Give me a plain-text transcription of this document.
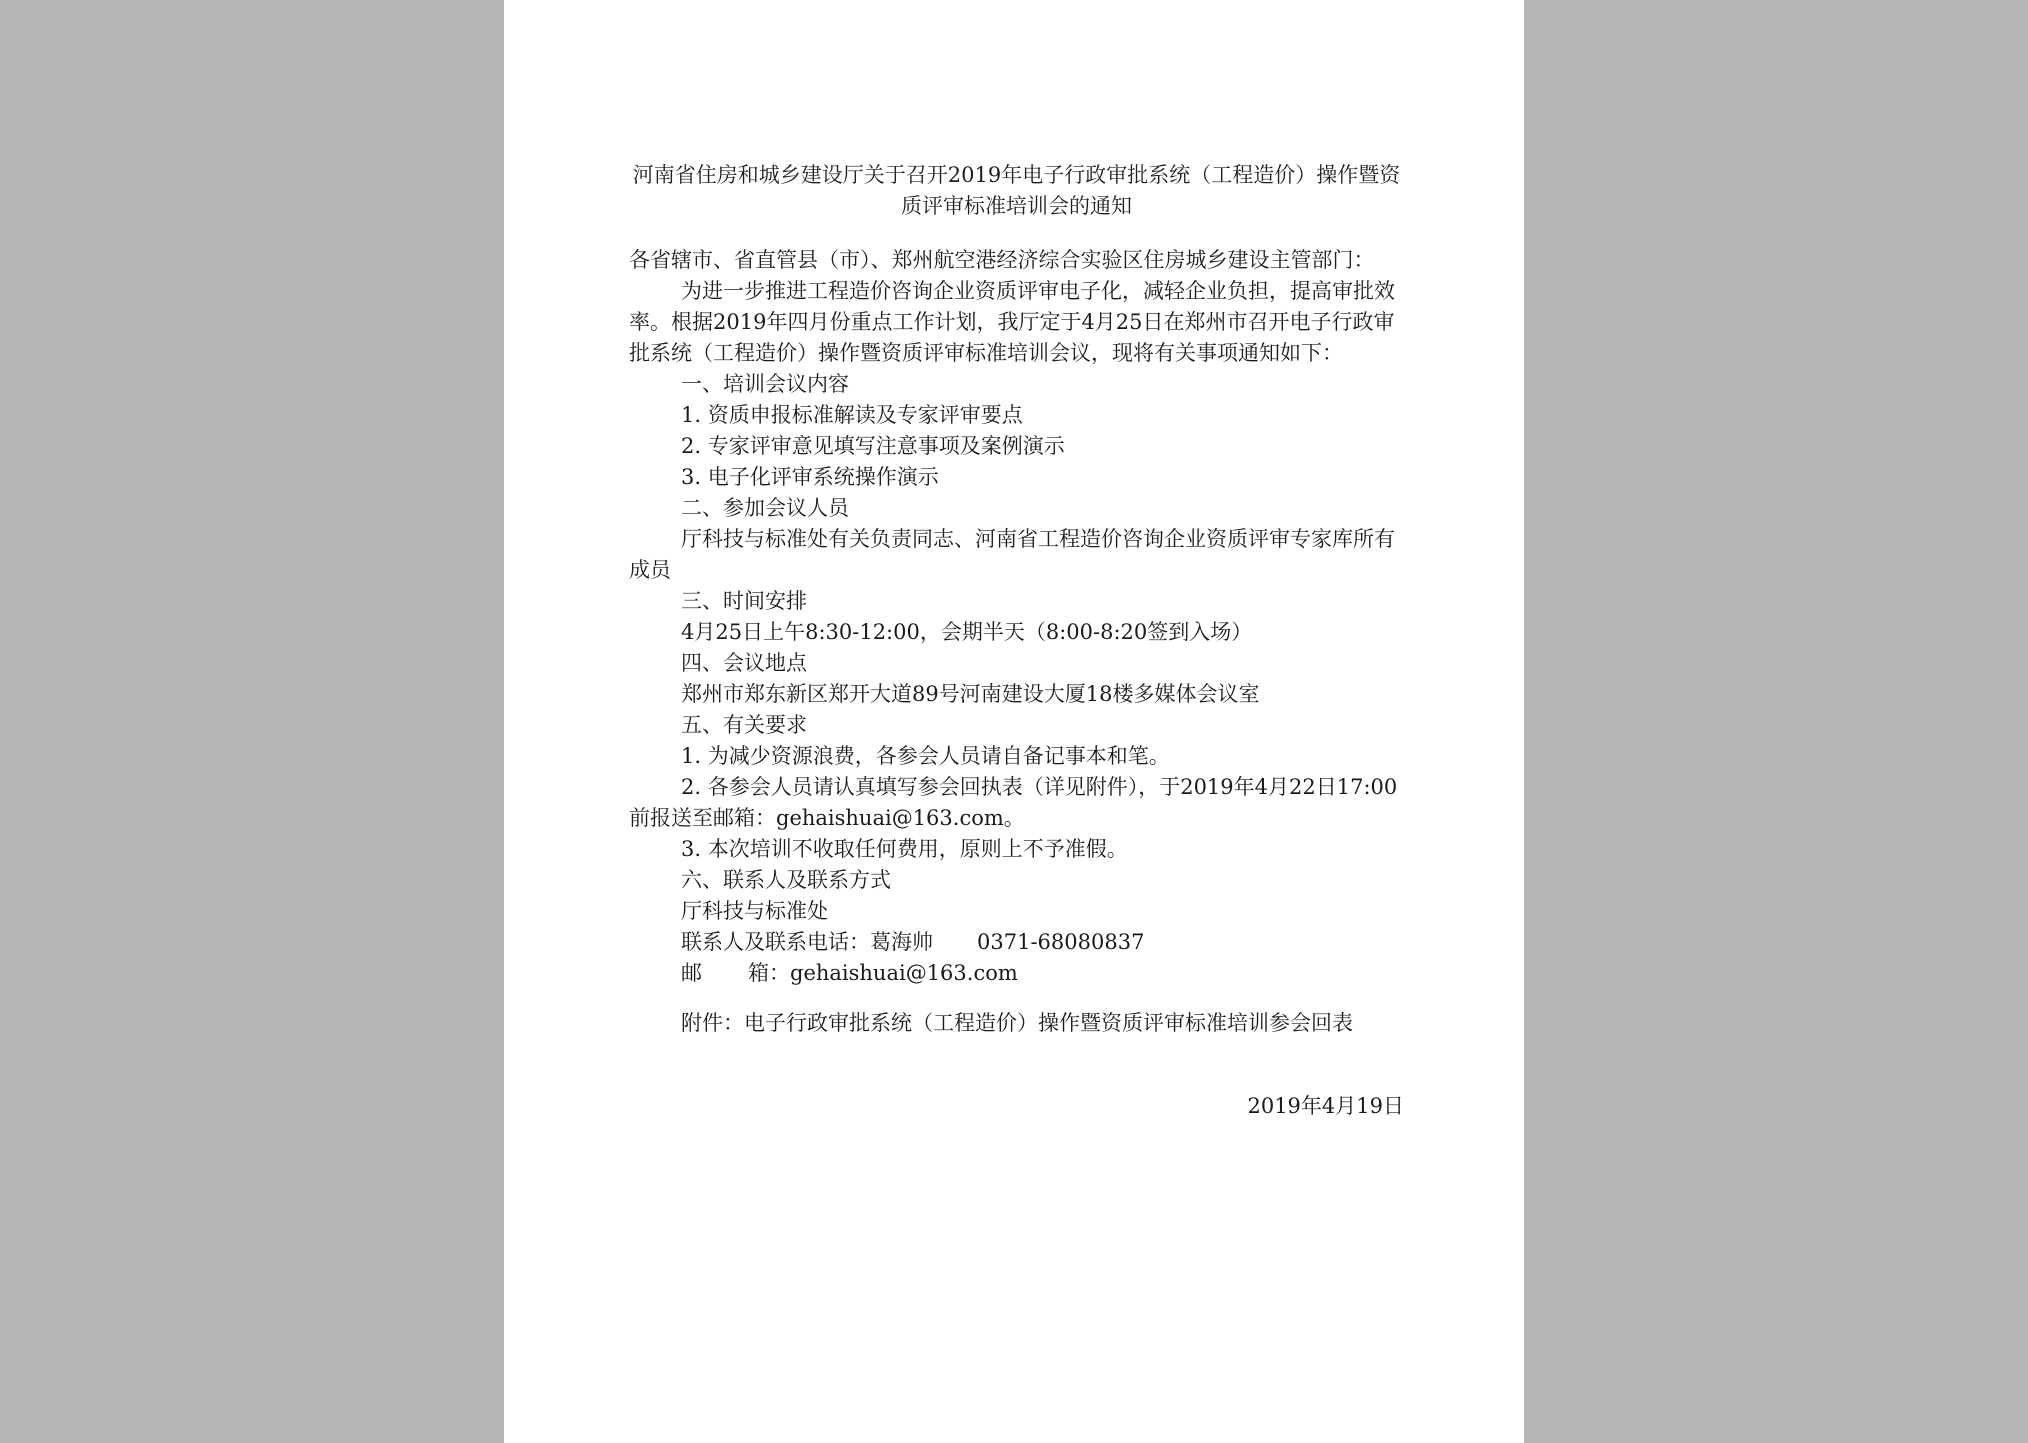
河南省住房和城乡建设厅关于召开2019年电子行政审批系统（工程造价）操作暨资质评审标准培训会的通知

各省辖市、省直管县（市）、郑州航空港经济综合实验区住房城乡建设主管部门：

为进一步推进工程造价咨询企业资质评审电子化，减轻企业负担，提高审批效率。根据2019年四月份重点工作计划，我厅定于4月25日在郑州市召开电子行政审批系统（工程造价）操作暨资质评审标准培训会议，现将有关事项通知如下：

一、培训会议内容

1. 资质申报标准解读及专家评审要点

2. 专家评审意见填写注意事项及案例演示

3. 电子化评审系统操作演示

二、参加会议人员

厅科技与标准处有关负责同志、河南省工程造价咨询企业资质评审专家库所有成员

三、时间安排

4月25日上午8:30-12:00，会期半天（8:00-8:20签到入场）

四、会议地点

郑州市郑东新区郑开大道89号河南建设大厦18楼多媒体会议室

五、有关要求

1. 为减少资源浪费，各参会人员请自备记事本和笔。

2. 各参会人员请认真填写参会回执表（详见附件），于2019年4月22日17:00前报送至邮箱：gehaishuai@163.com。

3. 本次培训不收取任何费用，原则上不予准假。

六、联系人及联系方式

厅科技与标准处

联系人及联系电话：葛海帅 0371-68080837

邮 箱：gehaishuai@163.com

附件：电子行政审批系统（工程造价）操作暨资质评审标准培训参会回表

2019年4月19日
